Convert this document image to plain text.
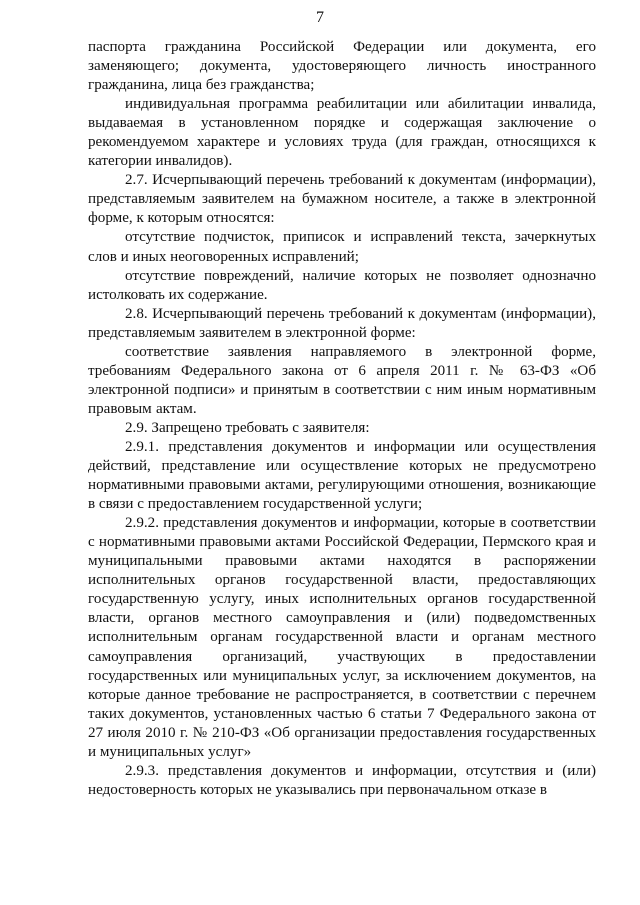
7

паспорта гражданина Российской Федерации или документа, его заменяющего; документа, удостоверяющего личность иностранного гражданина, лица без гражданства;

индивидуальная программа реабилитации или абилитации инвалида, выдаваемая в установленном порядке и содержащая заключение о рекомендуемом характере и условиях труда (для граждан, относящихся к категории инвалидов).

2.7. Исчерпывающий перечень требований к документам (информации), представляемым заявителем на бумажном носителе, а также в электронной форме, к которым относятся:

отсутствие подчисток, приписок и исправлений текста, зачеркнутых слов и иных неоговоренных исправлений;

отсутствие повреждений, наличие которых не позволяет однозначно истолковать их содержание.

2.8. Исчерпывающий перечень требований к документам (информации), представляемым заявителем в электронной форме:

соответствие заявления направляемого в электронной форме, требованиям Федерального закона от 6 апреля 2011 г. № 63-ФЗ «Об электронной подписи» и принятым в соответствии с ним иным нормативным правовым актам.

2.9. Запрещено требовать с заявителя:

2.9.1. представления документов и информации или осуществления действий, представление или осуществление которых не предусмотрено нормативными правовыми актами, регулирующими отношения, возникающие в связи с предоставлением государственной услуги;

2.9.2. представления документов и информации, которые в соответствии с нормативными правовыми актами Российской Федерации, Пермского края и муниципальными правовыми актами находятся в распоряжении исполнительных органов государственной власти, предоставляющих государственную услугу, иных исполнительных органов государственной власти, органов местного самоуправления и (или) подведомственных исполнительным органам государственной власти и органам местного самоуправления организаций, участвующих в предоставлении государственных или муниципальных услуг, за исключением документов, на которые данное требование не распространяется, в соответствии с перечнем таких документов, установленных частью 6 статьи 7 Федерального закона от 27 июля 2010 г. № 210-ФЗ «Об организации предоставления государственных и муниципальных услуг»

2.9.3. представления документов и информации, отсутствия и (или) недостоверность которых не указывались при первоначальном отказе в
